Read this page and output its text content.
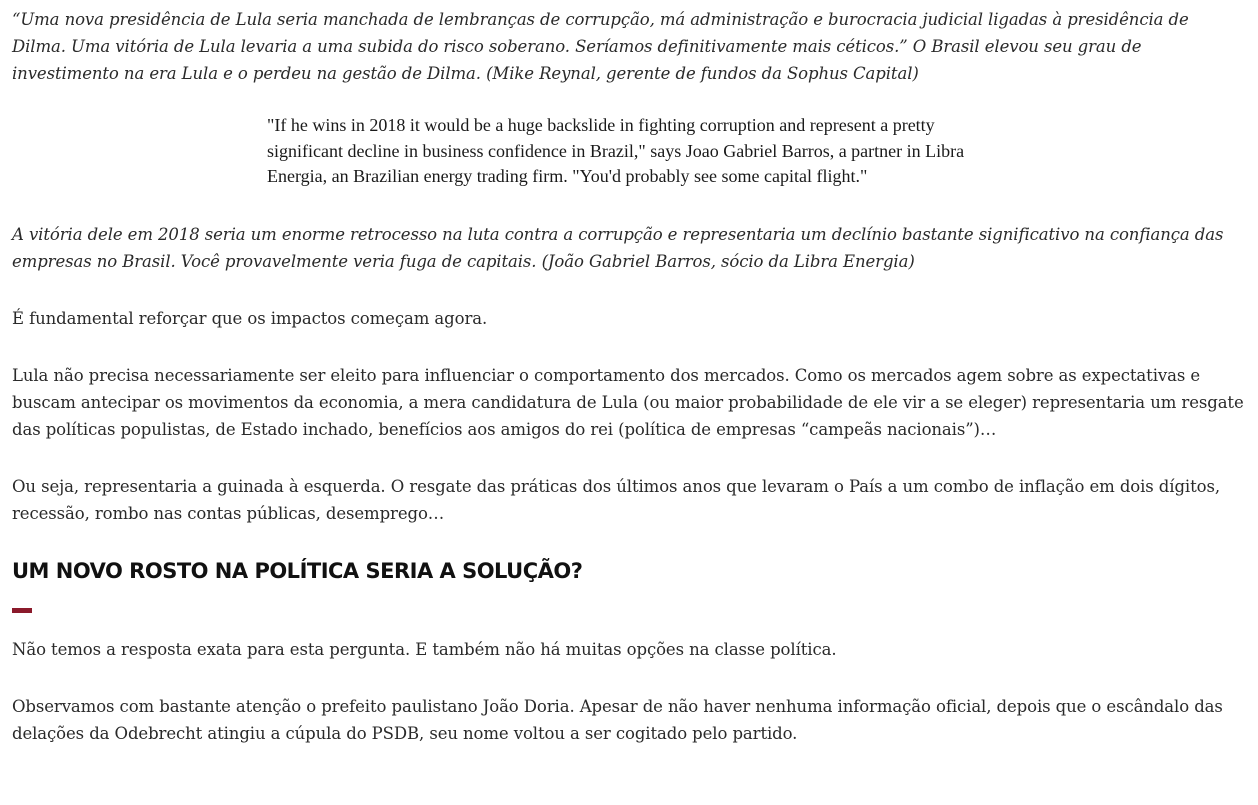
“Uma nova presidência de Lula seria manchada de lembranças de corrupção, má administração e burocracia judicial ligadas à presidência de Dilma. Uma vitória de Lula levaria a uma subida do risco soberano. Seríamos definitivamente mais céticos.” O Brasil elevou seu grau de investimento na era Lula e o perdeu na gestão de Dilma. (Mike Reynal, gerente de fundos da Sophus Capital)

"If he wins in 2018 it would be a huge backslide in fighting corruption and represent a pretty significant decline in business confidence in Brazil," says Joao Gabriel Barros, a partner in Libra Energia, an Brazilian energy trading firm. "You'd probably see some capital flight."

A vitória dele em 2018 seria um enorme retrocesso na luta contra a corrupção e representaria um declínio bastante significativo na confiança das empresas no Brasil. Você provavelmente veria fuga de capitais. (João Gabriel Barros, sócio da Libra Energia)

É fundamental reforçar que os impactos começam agora.

Lula não precisa necessariamente ser eleito para influenciar o comportamento dos mercados. Como os mercados agem sobre as expectativas e buscam antecipar os movimentos da economia, a mera candidatura de Lula (ou maior probabilidade de ele vir a se eleger) representaria um resgate das políticas populistas, de Estado inchado, benefícios aos amigos do rei (política de empresas “campeãs nacionais”)…

Ou seja, representaria a guinada à esquerda. O resgate das práticas dos últimos anos que levaram o País a um combo de inflação em dois dígitos, recessão, rombo nas contas públicas, desemprego…

UM NOVO ROSTO NA POLÍTICA SERIA A SOLUÇÃO?

Não temos a resposta exata para esta pergunta. E também não há muitas opções na classe política.

Observamos com bastante atenção o prefeito paulistano João Doria. Apesar de não haver nenhuma informação oficial, depois que o escândalo das delações da Odebrecht atingiu a cúpula do PSDB, seu nome voltou a ser cogitado pelo partido.
